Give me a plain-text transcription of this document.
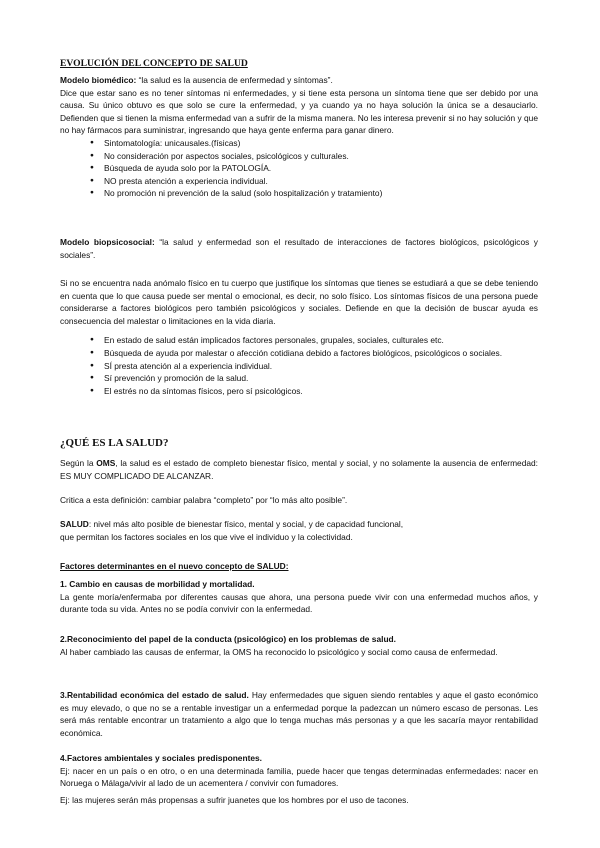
EVOLUCIÓN DEL CONCEPTO DE SALUD

Modelo biomédico: “la salud es la ausencia de enfermedad y síntomas”.

Dice que estar sano es no tener síntomas ni enfermedades, y si tiene esta persona un síntoma tiene que ser debido por una causa. Su único obtuvo es que solo se cure la enfermedad, y ya cuando ya no haya solución la única se a desauciarlo. Defienden que si tienen la misma enfermedad van a sufrir de la misma manera. No les interesa prevenir si no hay solución y que no hay fármacos para suministrar, ingresando que haya gente enferma para ganar dinero.

● Sintomatología: unicausales.(físicas)
● No consideración por aspectos sociales, psicológicos y culturales.
● Búsqueda de ayuda solo por la PATOLOGÍA.
● NO presta atención a experiencia individual.
● No promoción ni prevención de la salud (solo hospitalización y tratamiento)

Modelo biopsicosocial: “la salud y enfermedad son el resultado de interacciones de factores biológicos, psicológicos y sociales”.

Si no se encuentra nada anómalo físico en tu cuerpo que justifique los síntomas que tienes se estudiará a que se debe teniendo en cuenta que lo que causa puede ser mental o emocional, es decir, no solo físico. Los síntomas físicos de una persona puede considerarse a factores biológicos pero también psicológicos y sociales. Defiende en que la decisión de buscar ayuda es consecuencia del malestar o limitaciones en la vida diaria.

● En estado de salud están implicados factores personales, grupales, sociales, culturales etc.
● Búsqueda de ayuda por malestar o afección cotidiana debido a factores biológicos, psicológicos o sociales.
● SÍ presta atención al a experiencia individual.
● Sí prevención y promoción de la salud.
● El estrés no da síntomas físicos, pero sí psicológicos.

¿QUÉ ES LA SALUD?

Según la OMS, la salud es el estado de completo bienestar físico, mental y social, y no solamente la ausencia de enfermedad: ES MUY COMPLICADO DE ALCANZAR.

Critica a esta definición: cambiar palabra “completo” por “lo más alto posible”.

SALUD: nivel más alto posible de bienestar físico, mental y social, y de capacidad funcional,

que permitan los factores sociales en los que vive el individuo y la colectividad.

Factores determinantes en el nuevo concepto de SALUD:

1. Cambio en causas de morbilidad y mortalidad.

La gente moría/enfermaba por diferentes causas que ahora, una persona puede vivir con una enfermedad muchos años, y durante toda su vida. Antes no se podía convivir con la enfermedad.

2.Reconocimiento del papel de la conducta (psicológico) en los problemas de salud.

Al haber cambiado las causas de enfermar, la OMS ha reconocido lo psicológico y social como causa de enfermedad.

3.Rentabilidad económica del estado de salud. Hay enfermedades que siguen siendo rentables y aque el gasto económico es muy elevado, o que no se a rentable investigar un a enfermedad porque la padezcan un número escaso de personas. Les será más rentable encontrar un tratamiento a algo que lo tenga muchas más personas y a que les sacaría mayor rentabilidad económica.

4.Factores ambientales y sociales predisponentes.

Ej: nacer en un país o en otro, o en una determinada familia, puede hacer que tengas determinadas enfermedades: nacer en Noruega o Málaga/vivir al lado de un acementera / convivir con fumadores.

Ej: las mujeres serán más propensas a sufrir juanetes que los hombres por el uso de tacones.
